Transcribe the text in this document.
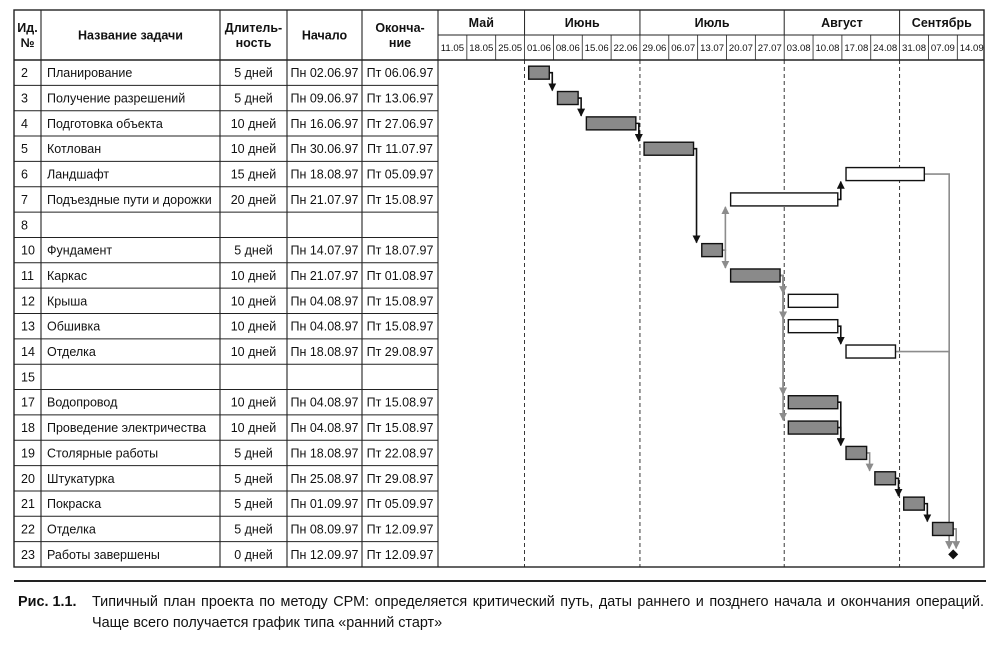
Ид.
№
Название задачи
Длитель-
ность
Начало
Оконча-
ние
Май	Июнь	Июль	Август	Сентябрь
11.05 18.05 25.05 01.06 08.06 15.06 22.06 29.06 06.07 13.07 20.07 27.07 03.08 10.08 17.08 24.08 31.08 07.09 14.09
2 Планирование	5 дней Пн 02.06.97 Пт 06.06.97
3 Получение разрешений	5 дней Пн 09.06.97 Пт 13.06.97
4 Подготовка объекта	10 дней Пн 16.06.97 Пт 27.06.97
5 Котлован	10 дней Пн 30.06.97 Пт 11.07.97
6 Ландшафт	15 дней Пн 18.08.97 Пт 05.09.97
7 Подъездные пути и дорожки 20 дней Пн 21.07.97 Пт 15.08.97
8
10 Фундамент	5 дней Пн 14.07.97 Пт 18.07.97
11 Каркас	10 дней Пн 21.07.97 Пт 01.08.97
12 Крыша	10 дней Пн 04.08.97 Пт 15.08.97
13 Обшивка	10 дней Пн 04.08.97 Пт 15.08.97
14 Отделка	10 дней Пн 18.08.97 Пт 29.08.97
15
17 Водопровод	10 дней Пн 04.08.97 Пт 15.08.97
18 Проведение электричества 10 дней Пн 04.08.97 Пт 15.08.97
19 Столярные работы	5 дней Пн 18.08.97 Пт 22.08.97
20 Штукатурка	5 дней Пн 25.08.97 Пт 29.08.97
21 Покраска	5 дней Пн 01.09.97 Пт 05.09.97
22 Отделка	5 дней Пн 08.09.97 Пт 12.09.97
23 Работы завершены	0 дней Пн 12.09.97 Пт 12.09.97
Рис. 1.1. Типичный план проекта по методу CPM: определяется критический путь, даты раннего и позднего начала и окончания операций. Чаще всего получается график типа «ранний старт»
